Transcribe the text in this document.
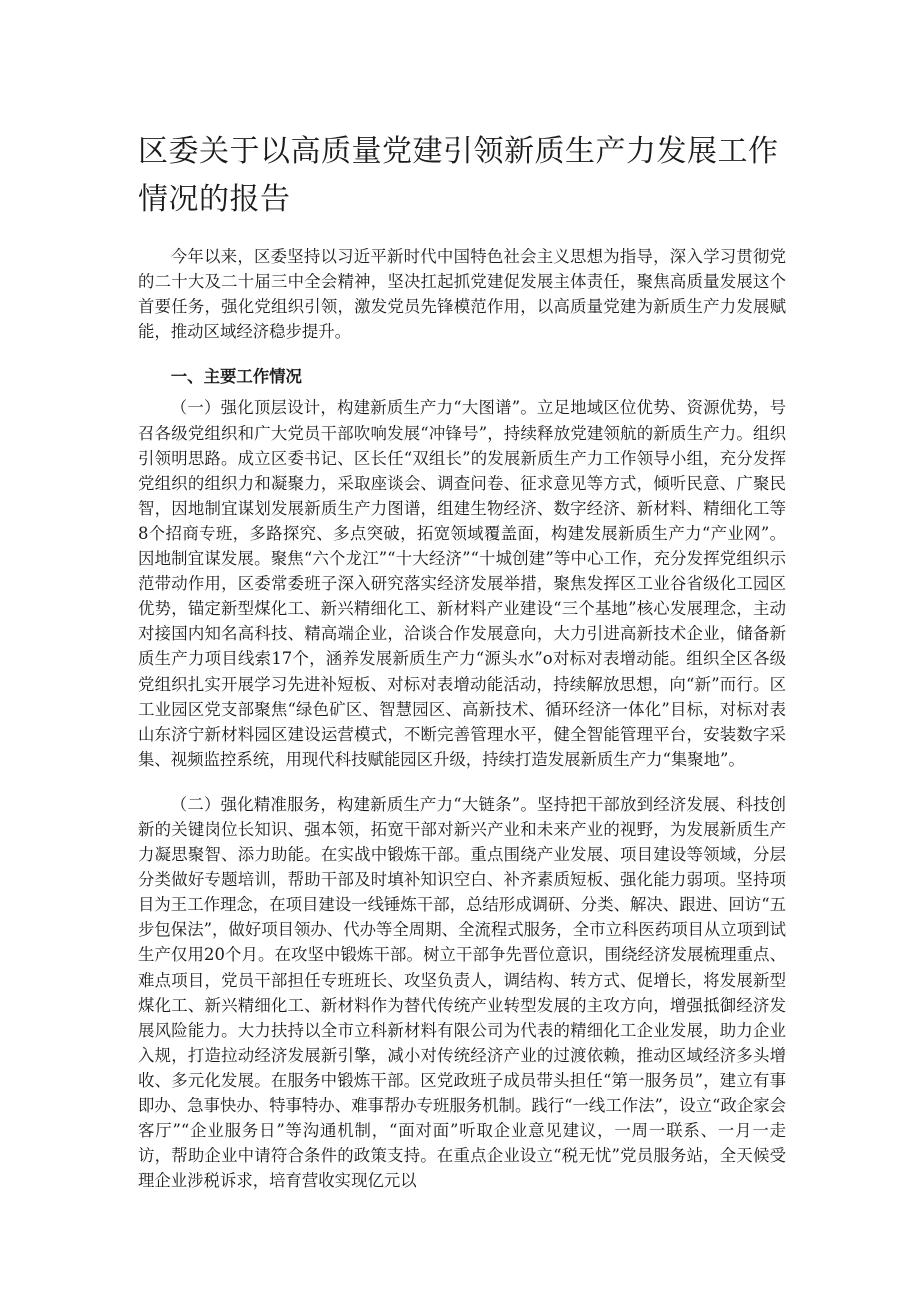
区委关于以高质量党建引领新质生产力发展工作情况的报告

今年以来，区委坚持以习近平新时代中国特色社会主义思想为指导，深入学习贯彻党的二十大及二十届三中全会精神，坚决扛起抓党建促发展主体责任，聚焦高质量发展这个首要任务，强化党组织引领，激发党员先锋模范作用，以高质量党建为新质生产力发展赋能，推动区域经济稳步提升。

一、主要工作情况

（一）强化顶层设计，构建新质生产力“大图谱”。立足地域区位优势、资源优势，号召各级党组织和广大党员干部吹响发展“冲锋号”，持续释放党建领航的新质生产力。组织引领明思路。成立区委书记、区长任“双组长”的发展新质生产力工作领导小组，充分发挥党组织的组织力和凝聚力，采取座谈会、调查问卷、征求意见等方式，倾听民意、广聚民智，因地制宜谋划发展新质生产力图谱，组建生物经济、数字经济、新材料、精细化工等8个招商专班，多路探究、多点突破，拓宽领域覆盖面，构建发展新质生产力“产业网”。因地制宜谋发展。聚焦“六个龙江”“十大经济”“十城创建”等中心工作，充分发挥党组织示范带动作用，区委常委班子深入研究落实经济发展举措，聚焦发挥区工业谷省级化工园区优势，锚定新型煤化工、新兴精细化工、新材料产业建设“三个基地”核心发展理念，主动对接国内知名高科技、精高端企业，洽谈合作发展意向，大力引进高新技术企业，储备新质生产力项目线索17个，涵养发展新质生产力“源头水”o对标对表增动能。组织全区各级党组织扎实开展学习先进补短板、对标对表增动能活动，持续解放思想，向“新”而行。区工业园区党支部聚焦“绿色矿区、智慧园区、高新技术、循环经济一体化”目标，对标对表山东济宁新材料园区建设运营模式，不断完善管理水平，健全智能管理平台，安装数字采集、视频监控系统，用现代科技赋能园区升级，持续打造发展新质生产力“集聚地”。

（二）强化精准服务，构建新质生产力“大链条”。坚持把干部放到经济发展、科技创新的关键岗位长知识、强本领，拓宽干部对新兴产业和未来产业的视野，为发展新质生产力凝思聚智、添力助能。在实战中锻炼干部。重点围绕产业发展、项目建设等领域，分层分类做好专题培训，帮助干部及时填补知识空白、补齐素质短板、强化能力弱项。坚持项目为王工作理念，在项目建设一线锤炼干部，总结形成调研、分类、解决、跟进、回访“五步包保法”，做好项目领办、代办等全周期、全流程式服务，全市立科医药项目从立项到试生产仅用20个月。在攻坚中锻炼干部。树立干部争先晋位意识，围绕经济发展梳理重点、难点项目，党员干部担任专班班长、攻坚负责人，调结构、转方式、促增长，将发展新型煤化工、新兴精细化工、新材料作为替代传统产业转型发展的主攻方向，增强抵御经济发展风险能力。大力扶持以全市立科新材料有限公司为代表的精细化工企业发展，助力企业入规，打造拉动经济发展新引擎，减小对传统经济产业的过渡依赖，推动区域经济多头增收、多元化发展。在服务中锻炼干部。区党政班子成员带头担任“第一服务员”，建立有事即办、急事快办、特事特办、难事帮办专班服务机制。践行“一线工作法”，设立“政企家会客厅”“企业服务日”等沟通机制，“面对面”听取企业意见建议，一周一联系、一月一走访，帮助企业中请符合条件的政策支持。在重点企业设立“税无忧”党员服务站，全天候受理企业涉税诉求，培育营收实现亿元以
